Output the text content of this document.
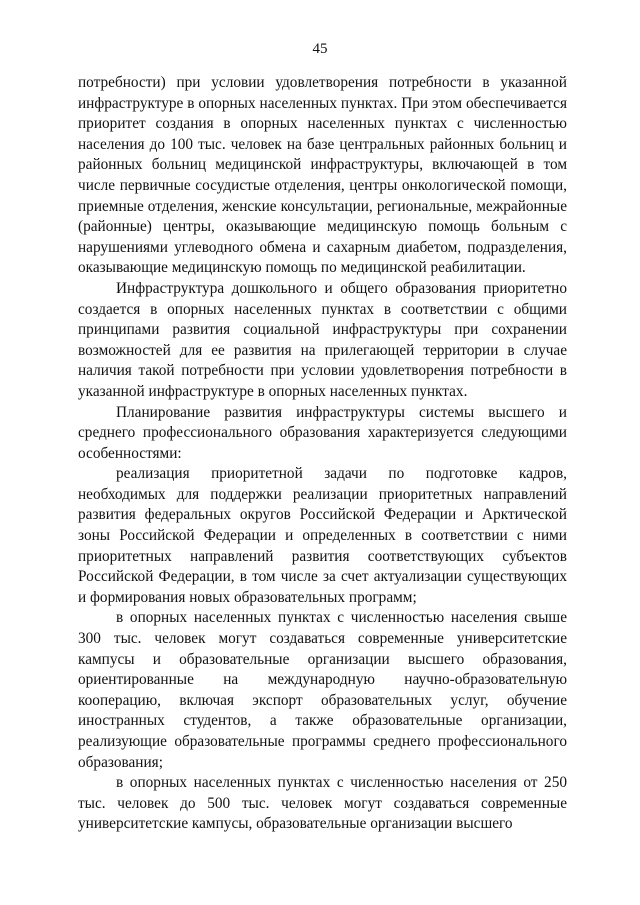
45

потребности) при условии удовлетворения потребности в указанной инфраструктуре в опорных населенных пунктах. При этом обеспечивается приоритет создания в опорных населенных пунктах с численностью населения до 100 тыс. человек на базе центральных районных больниц и районных больниц медицинской инфраструктуры, включающей в том числе первичные сосудистые отделения, центры онкологической помощи, приемные отделения, женские консультации, региональные, межрайонные (районные) центры, оказывающие медицинскую помощь больным с нарушениями углеводного обмена и сахарным диабетом, подразделения, оказывающие медицинскую помощь по медицинской реабилитации.

Инфраструктура дошкольного и общего образования приоритетно создается в опорных населенных пунктах в соответствии с общими принципами развития социальной инфраструктуры при сохранении возможностей для ее развития на прилегающей территории в случае наличия такой потребности при условии удовлетворения потребности в указанной инфраструктуре в опорных населенных пунктах.

Планирование развития инфраструктуры системы высшего и среднего профессионального образования характеризуется следующими особенностями:

реализация приоритетной задачи по подготовке кадров, необходимых для поддержки реализации приоритетных направлений развития федеральных округов Российской Федерации и Арктической зоны Российской Федерации и определенных в соответствии с ними приоритетных направлений развития соответствующих субъектов Российской Федерации, в том числе за счет актуализации существующих и формирования новых образовательных программ;

в опорных населенных пунктах с численностью населения свыше 300 тыс. человек могут создаваться современные университетские кампусы и образовательные организации высшего образования, ориентированные на международную научно-образовательную кооперацию, включая экспорт образовательных услуг, обучение иностранных студентов, а также образовательные организации, реализующие образовательные программы среднего профессионального образования;

в опорных населенных пунктах с численностью населения от 250 тыс. человек до 500 тыс. человек могут создаваться современные университетские кампусы, образовательные организации высшего
